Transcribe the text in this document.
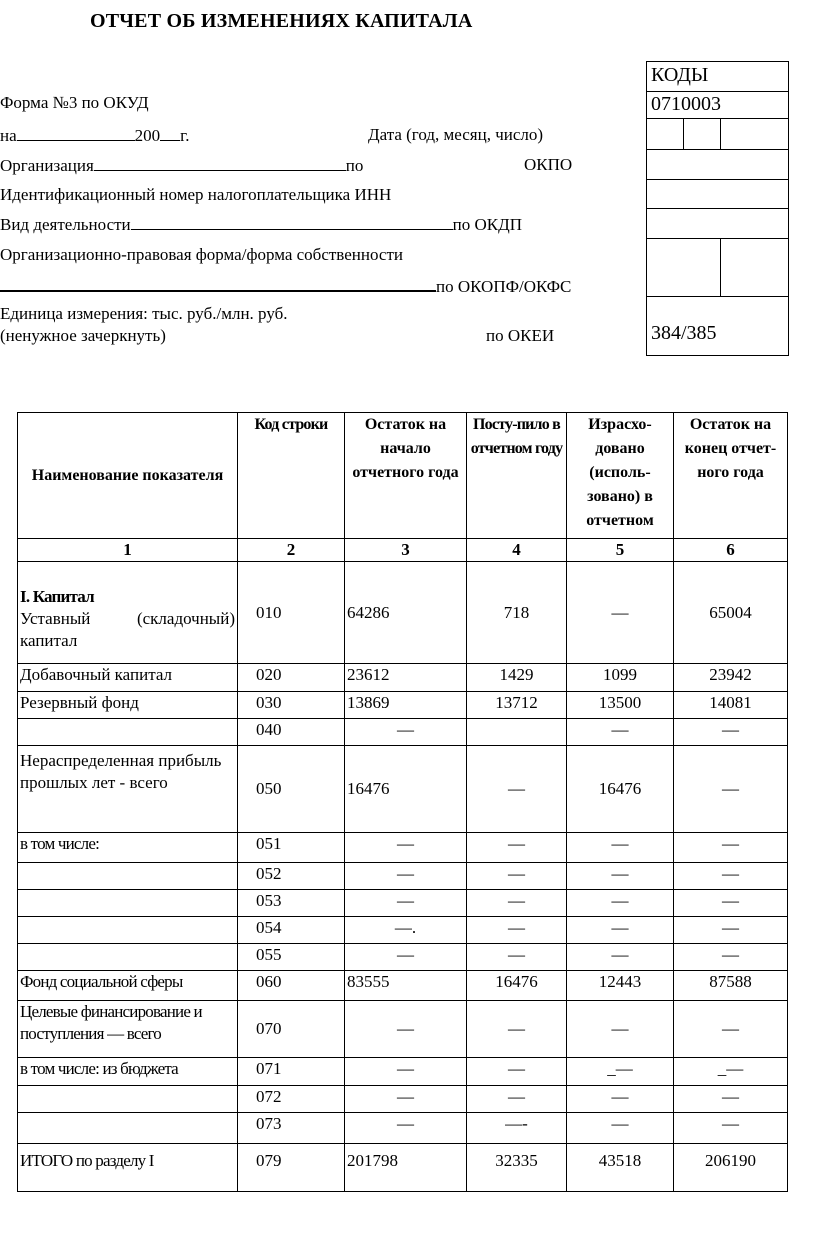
ОТЧЕТ ОБ ИЗМЕНЕНИЯХ КАПИТАЛА
Форма №3 по ОКУД
на	200 г.	Дата (год, месяц, число)
Организация	по	ОКПО
Идентификационный номер налогоплательщика ИНН
Вид деятельности	по ОКДП
Организационно-правовая форма/форма собственности
по ОКОПФ/ОКФС
Единица измерения: тыс. руб./млн. руб.
(ненужное зачеркнуть)	по ОКЕИ
КОДЫ
0710003
384/385
Наименование показателя	Код строки	Остаток на начало отчетного года	Посту-пило в отчетном году	Израсхо-довано (исполь-зовано) в отчетном	Остаток на конец отчет-ного года
1	2	3	4	5	6

I. Капитал
Уставный (складочный) капитал	010	64286	718	—	65004

Добавочный капитал	020	23612	1429	1099	23942

Резервный фонд	030	13869	13712	13500	14081

	040	—		—	—

Нераспределенная прибыль прошлых лет - всего	050	16476	—	16476	—

в том числе:	051	—	—	—	—

	052	—	—	—	—

	053	—	—	—	—

	054	—.	—	—	—

	055	—	—	—	—

Фонд социальной сферы	060	83555	16476	12443	87588

Целевые финансирование и поступления — всего	070	—	—	—	—

в том числе: из бюджета	071	—	—	_—	_—

	072	—	—	—	—

	073	—	—-	—	—

ИТОГО по разделу I	079	201798	32335	43518	206190
